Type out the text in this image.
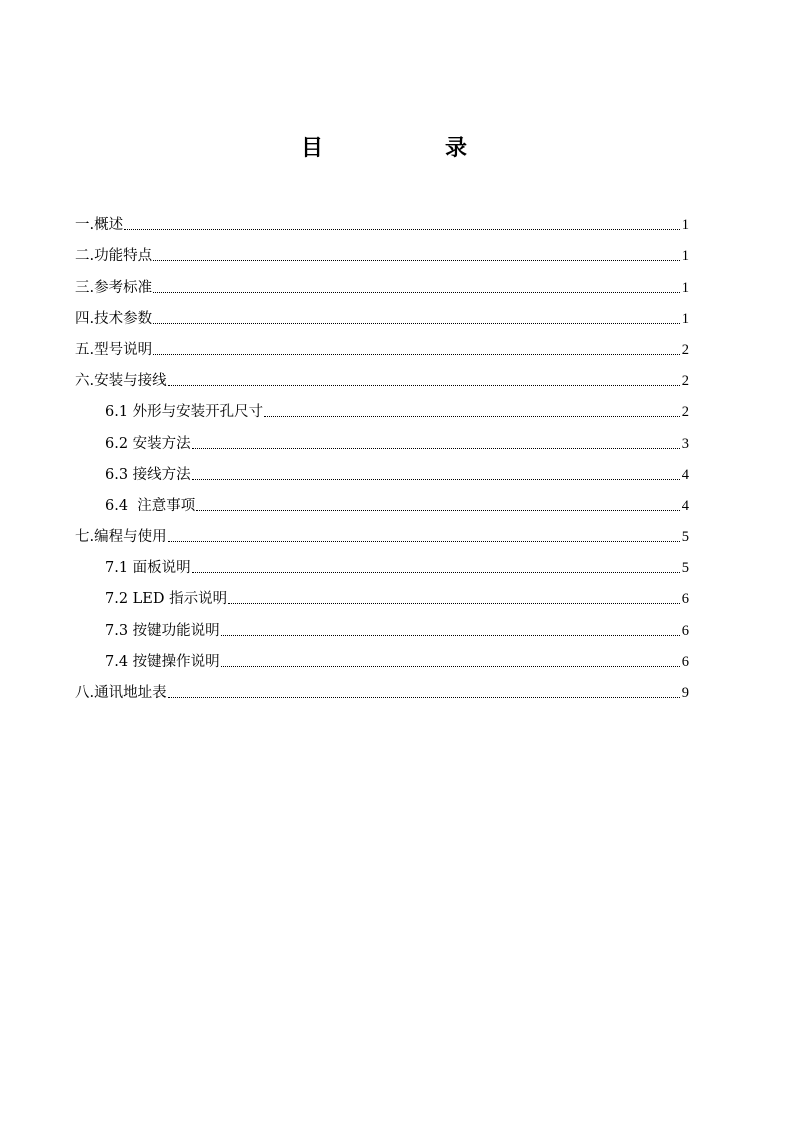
目　录
一.概述	1
二.功能特点	1
三.参考标准	1
四.技术参数	1
五.型号说明	2
六.安装与接线	2
6.1 外形与安装开孔尺寸	2
6.2 安装方法	3
6.3 接线方法	4
6.4  注意事项	4
七.编程与使用	5
7.1 面板说明	5
7.2 LED 指示说明	6
7.3 按键功能说明	6
7.4 按键操作说明	6
八.通讯地址表	9
